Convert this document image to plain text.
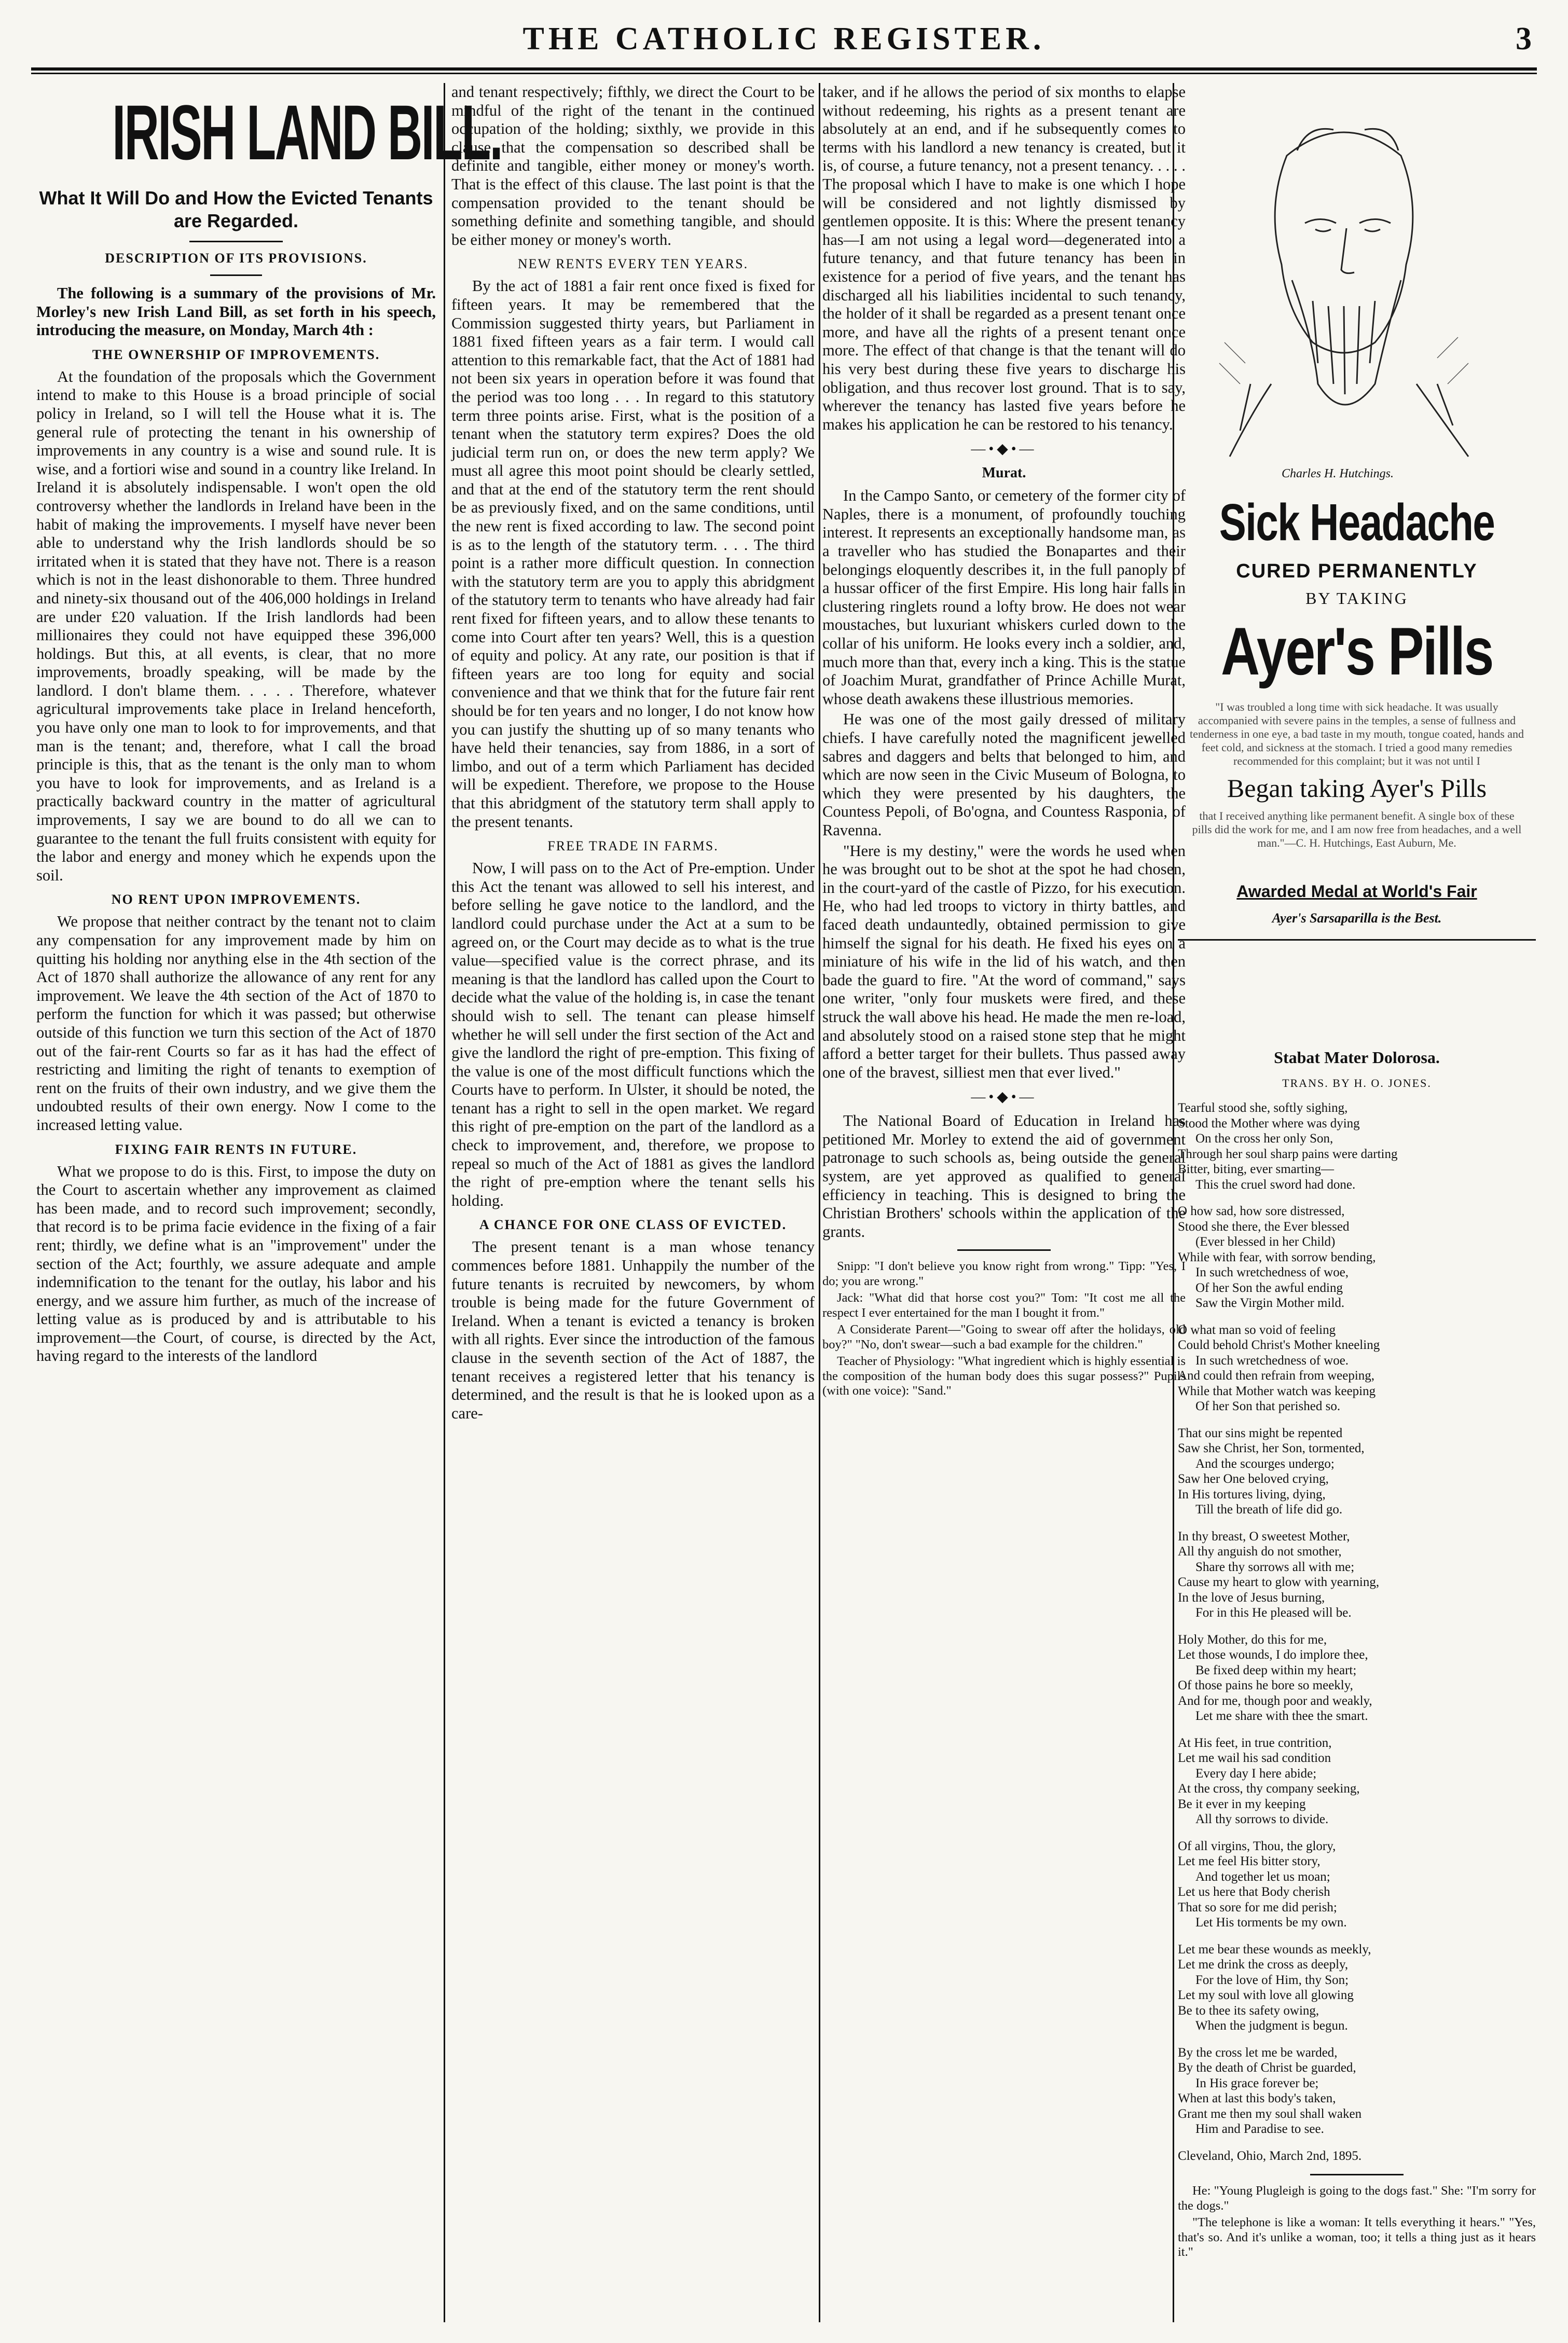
THE CATHOLIC REGISTER.	3
IRISH LAND BILL.
What It Will Do and How the Evicted Tenants are Regarded.
DESCRIPTION OF ITS PROVISIONS.

The following is a summary of the provisions of Mr. Morley's new Irish Land Bill, as set forth in his speech, introducing the measure, on Monday, March 4th :

THE OWNERSHIP OF IMPROVEMENTS.

At the foundation of the proposals which the Government intend to make to this House is a broad principle of social policy in Ireland, so I will tell the House what it is. The general rule of protecting the tenant in his ownership of improvements in any country is a wise and sound rule. It is wise, and a fortiori wise and sound in a country like Ireland. In Ireland it is absolutely indispensable. I won't open the old controversy whether the landlords in Ireland have been in the habit of making the improvements. I myself have never been able to understand why the Irish landlords should be so irritated when it is stated that they have not. There is a reason which is not in the least dishonorable to them. Three hundred and ninety-six thousand out of the 406,000 holdings in Ireland are under £20 valuation. If the Irish landlords had been millionaires they could not have equipped these 396,000 holdings. But this, at all events, is clear, that no more improvements, broadly speaking, will be made by the landlord. I don't blame them. . . . . Therefore, whatever agricultural improvements take place in Ireland henceforth, you have only one man to look to for improvements, and that man is the tenant; and, therefore, what I call the broad principle is this, that as the tenant is the only man to whom you have to look for improvements, and as Ireland is a practically backward country in the matter of agricultural improvements, I say we are bound to do all we can to guarantee to the tenant the full fruits consistent with equity for the labor and energy and money which he expends upon the soil.

NO RENT UPON IMPROVEMENTS.

We propose that neither contract by the tenant not to claim any compensation for any improvement made by him on quitting his holding nor anything else in the 4th section of the Act of 1870 shall authorize the allowance of any rent for any improvement. We leave the 4th section of the Act of 1870 to perform the function for which it was passed; but otherwise outside of this function we turn this section of the Act of 1870 out of the fair-rent Courts so far as it has had the effect of restricting and limiting the right of tenants to exemption of rent on the fruits of their own industry, and we give them the undoubted results of their own energy. Now I come to the increased letting value.

FIXING FAIR RENTS IN FUTURE.

What we propose to do is this. First, to impose the duty on the Court to ascertain whether any improvement as claimed has been made, and to record such improvement; secondly, that record is to be prima facie evidence in the fixing of a fair rent; thirdly, we define what is an "improvement" under the section of the Act; fourthly, we assure adequate and ample indemnification to the tenant for the outlay, his labor and his energy, and we assure him further, as much of the increase of letting value as is produced by and is attributable to his improvement—the Court, of course, is directed by the Act, having regard to the interests of the landlord

and tenant respectively; fifthly, we direct the Court to be mindful of the right of the tenant in the continued occupation of the holding; sixthly, we provide in this clause that the compensation so described shall be definite and tangible, either money or money's worth. That is the effect of this clause. The last point is that the compensation provided to the tenant should be something definite and something tangible, and should be either money or money's worth.

NEW RENTS EVERY TEN YEARS.

By the act of 1881 a fair rent once fixed is fixed for fifteen years. It may be remembered that the Commission suggested thirty years, but Parliament in 1881 fixed fifteen years as a fair term. I would call attention to this remarkable fact, that the Act of 1881 had not been six years in operation before it was found that the period was too long . . . In regard to this statutory term three points arise. First, what is the position of a tenant when the statutory term expires? Does the old judicial term run on, or does the new term apply? We must all agree this moot point should be clearly settled, and that at the end of the statutory term the rent should be as previously fixed, and on the same conditions, until the new rent is fixed according to law. The second point is as to the length of the statutory term. . . . The third point is a rather more difficult question. In connection with the statutory term are you to apply this abridgment of the statutory term to tenants who have already had fair rent fixed for fifteen years, and to allow these tenants to come into Court after ten years? Well, this is a question of equity and policy. At any rate, our position is that if fifteen years are too long for equity and social convenience and that we think that for the future fair rent should be for ten years and no longer, I do not know how you can justify the shutting up of so many tenants who have held their tenancies, say from 1886, in a sort of limbo, and out of a term which Parliament has decided will be expedient. Therefore, we propose to the House that this abridgment of the statutory term shall apply to the present tenants.

FREE TRADE IN FARMS.

Now, I will pass on to the Act of Pre-emption. Under this Act the tenant was allowed to sell his interest, and before selling he gave notice to the landlord, and the landlord could purchase under the Act at a sum to be agreed on, or the Court may decide as to what is the true value—specified value is the correct phrase, and its meaning is that the landlord has called upon the Court to decide what the value of the holding is, in case the tenant should wish to sell. The tenant can please himself whether he will sell under the first section of the Act and give the landlord the right of pre-emption. This fixing of the value is one of the most difficult functions which the Courts have to perform. In Ulster, it should be noted, the tenant has a right to sell in the open market. We regard this right of pre-emption on the part of the landlord as a check to improvement, and, therefore, we propose to repeal so much of the Act of 1881 as gives the landlord the right of pre-emption where the tenant sells his holding.

A CHANCE FOR ONE CLASS OF EVICTED.

The present tenant is a man whose tenancy commences before 1881. Unhappily the number of the future tenants is recruited by newcomers, by whom trouble is being made for the future Government of Ireland. When a tenant is evicted a tenancy is broken with all rights. Ever since the introduction of the famous clause in the seventh section of the Act of 1887, the tenant receives a registered letter that his tenancy is determined, and the result is that he is looked upon as a care-

taker, and if he allows the period of six months to elapse without redeeming, his rights as a present tenant are absolutely at an end, and if he subsequently comes to terms with his landlord a new tenancy is created, but it is, of course, a future tenancy, not a present tenancy. . . . . The proposal which I have to make is one which I hope will be considered and not lightly dismissed by gentlemen opposite. It is this: Where the present tenancy has—I am not using a legal word—degenerated into a future tenancy, and that future tenancy has been in existence for a period of five years, and the tenant has discharged all his liabilities incidental to such tenancy, the holder of it shall be regarded as a present tenant once more, and have all the rights of a present tenant once more. The effect of that change is that the tenant will do his very best during these five years to discharge his obligation, and thus recover lost ground. That is to say, wherever the tenancy has lasted five years before he makes his application he can be restored to his tenancy.

—•◆•—
Murat.

In the Campo Santo, or cemetery of the former city of Naples, there is a monument, of profoundly touching interest. It represents an exceptionally handsome man, as a traveller who has studied the Bonapartes and their belongings eloquently describes it, in the full panoply of a hussar officer of the first Empire. His long hair falls in clustering ringlets round a lofty brow. He does not wear moustaches, but luxuriant whiskers curled down to the collar of his uniform. He looks every inch a soldier, and, much more than that, every inch a king. This is the statue of Joachim Murat, grandfather of Prince Achille Murat, whose death awakens these illustrious memories.

He was one of the most gaily dressed of military chiefs. I have carefully noted the magnificent jewelled sabres and daggers and belts that belonged to him, and which are now seen in the Civic Museum of Bologna, to which they were presented by his daughters, the Countess Pepoli, of Bo'ogna, and Countess Rasponia, of Ravenna.

"Here is my destiny," were the words he used when he was brought out to be shot at the spot he had chosen, in the court-yard of the castle of Pizzo, for his execution. He, who had led troops to victory in thirty battles, and faced death undauntedly, obtained permission to give himself the signal for his death. He fixed his eyes on a miniature of his wife in the lid of his watch, and then bade the guard to fire. "At the word of command," says one writer, "only four muskets were fired, and these struck the wall above his head. He made the men re-load, and absolutely stood on a raised stone step that he might afford a better target for their bullets. Thus passed away one of the bravest, silliest men that ever lived."

—•◆•—

The National Board of Education in Ireland has petitioned Mr. Morley to extend the aid of government patronage to such schools as, being outside the general system, are yet approved as qualified to general efficiency in teaching. This is designed to bring the Christian Brothers' schools within the application of the grants.

Snipp: "I don't believe you know right from wrong." Tipp: "Yes, I do; you are wrong."

Jack: "What did that horse cost you?" Tom: "It cost me all the respect I ever entertained for the man I bought it from."

A Considerate Parent—"Going to swear off after the holidays, old boy?" "No, don't swear—such a bad example for the children."

Teacher of Physiology: "What ingredient which is highly essential is the composition of the human body does this sugar possess?" Pupils (with one voice): "Sand."

Charles H. Hutchings.
Sick Headache
CURED PERMANENTLY
BY TAKING
Ayer's Pills
"I was troubled a long time with sick headache. It was usually accompanied with severe pains in the temples, a sense of fullness and tenderness in one eye, a bad taste in my mouth, tongue coated, hands and feet cold, and sickness at the stomach. I tried a good many remedies recommended for this complaint; but it was not until I
Began taking Ayer's Pills
that I received anything like permanent benefit. A single box of these pills did the work for me, and I am now free from headaches, and a well man."—C. H. Hutchings, East Auburn, Me.
Awarded Medal at World's Fair
Ayer's Sarsaparilla is the Best.
Stabat Mater Dolorosa.
TRANS. BY H. O. JONES.
Tearful stood she, softly sighing,
Stood the Mother where was dying
On the cross her only Son,
Through her soul sharp pains were darting
Bitter, biting, ever smarting—
This the cruel sword had done.
O how sad, how sore distressed,
Stood she there, the Ever blessed
(Ever blessed in her Child)
While with fear, with sorrow bending,
In such wretchedness of woe,
Of her Son the awful ending
Saw the Virgin Mother mild.
O what man so void of feeling
Could behold Christ's Mother kneeling
In such wretchedness of woe.
And could then refrain from weeping,
While that Mother watch was keeping
Of her Son that perished so.
That our sins might be repented
Saw she Christ, her Son, tormented,
And the scourges undergo;
Saw her One beloved crying,
In His tortures living, dying,
Till the breath of life did go.
In thy breast, O sweetest Mother,
All thy anguish do not smother,
Share thy sorrows all with me;
Cause my heart to glow with yearning,
In the love of Jesus burning,
For in this He pleased will be.
Holy Mother, do this for me,
Let those wounds, I do implore thee,
Be fixed deep within my heart;
Of those pains he bore so meekly,
And for me, though poor and weakly,
Let me share with thee the smart.
At His feet, in true contrition,
Let me wail his sad condition
Every day I here abide;
At the cross, thy company seeking,
Be it ever in my keeping
All thy sorrows to divide.
Of all virgins, Thou, the glory,
Let me feel His bitter story,
And together let us moan;
Let us here that Body cherish
That so sore for me did perish;
Let His torments be my own.
Let me bear these wounds as meekly,
Let me drink the cross as deeply,
For the love of Him, thy Son;
Let my soul with love all glowing
Be to thee its safety owing,
When the judgment is begun.
By the cross let me be warded,
By the death of Christ be guarded,
In His grace forever be;
When at last this body's taken,
Grant me then my soul shall waken
Him and Paradise to see.
Cleveland, Ohio, March 2nd, 1895.

He: "Young Plugleigh is going to the dogs fast." She: "I'm sorry for the dogs."

"The telephone is like a woman: It tells everything it hears." "Yes, that's so. And it's unlike a woman, too; it tells a thing just as it hears it."
